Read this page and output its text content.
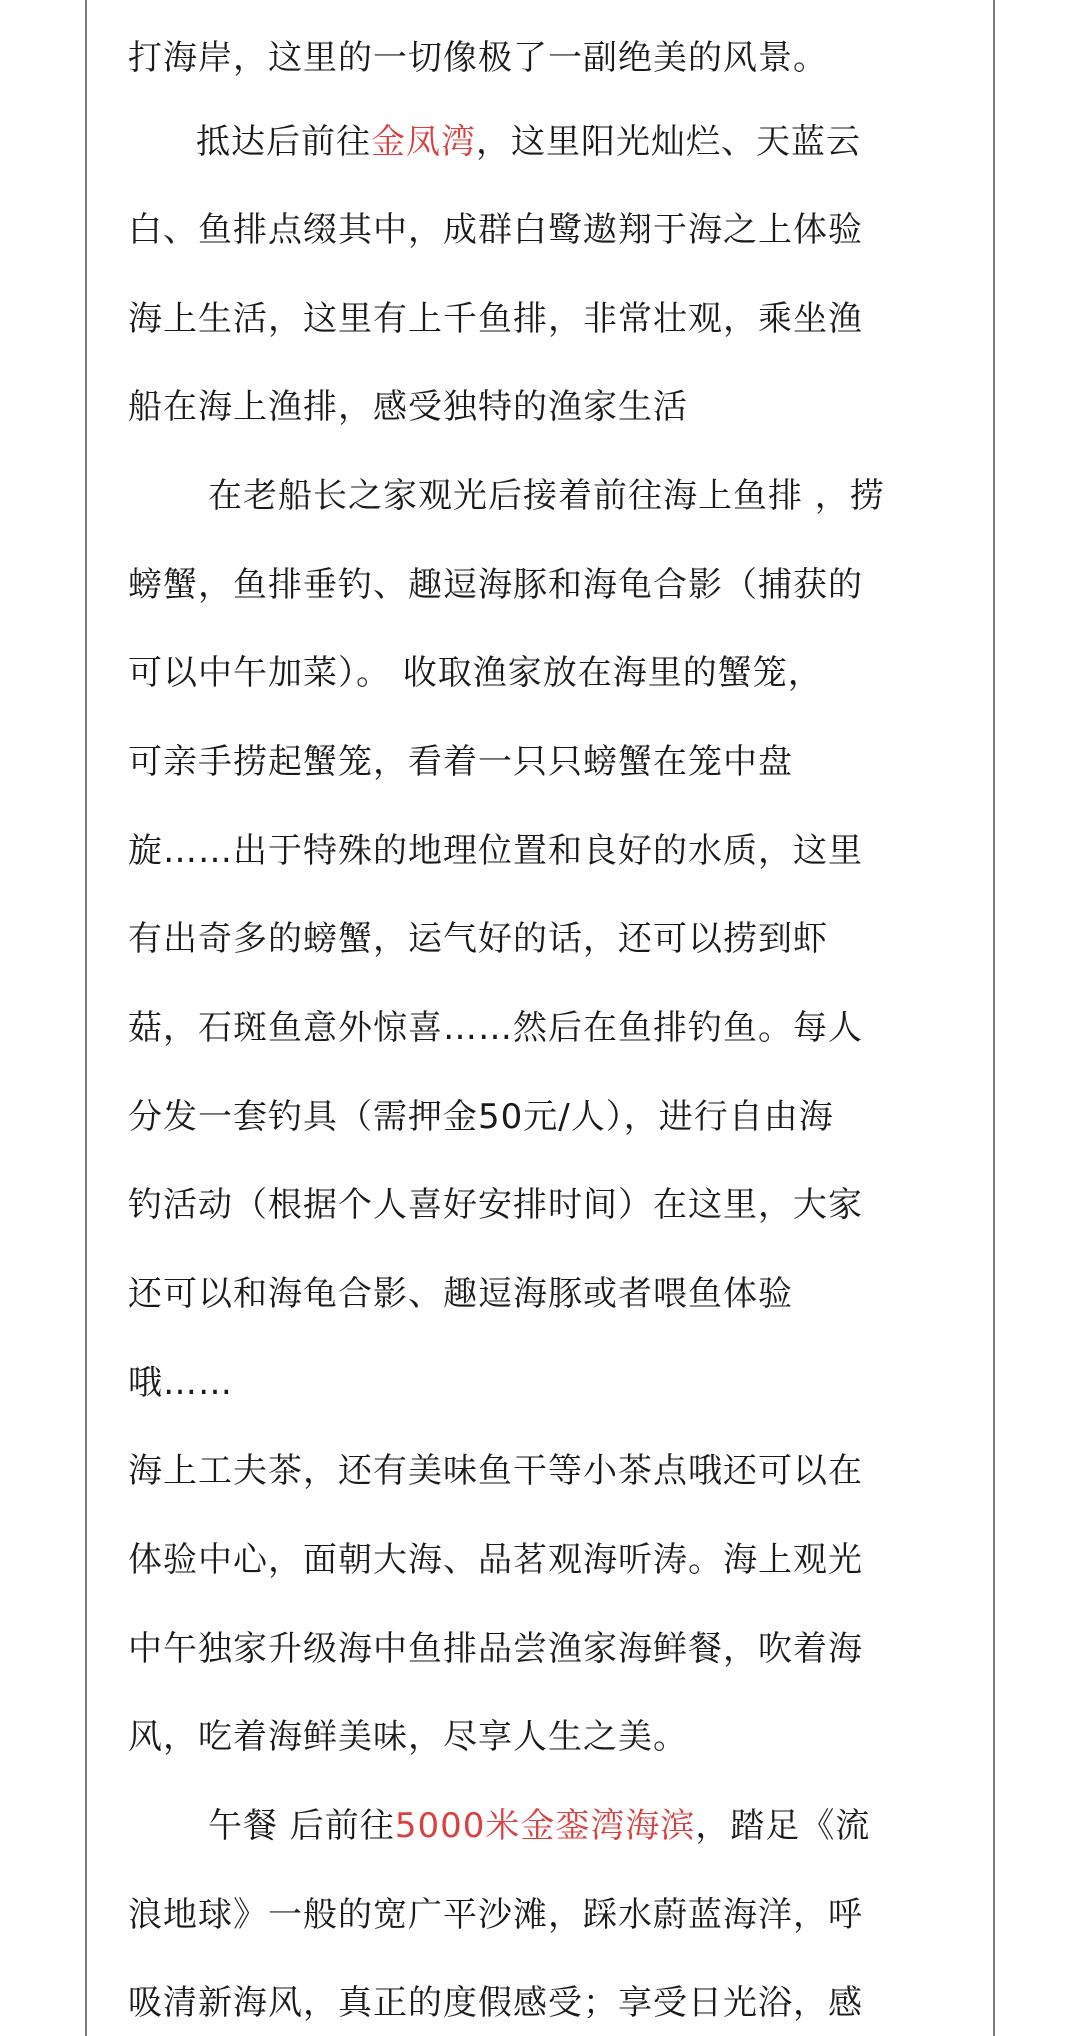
打海岸，这里的一切像极了一副绝美的风景。
抵达后前往金凤湾，这里阳光灿烂、天蓝云
白、鱼排点缀其中，成群白鹭遨翔于海之上体验
海上生活，这里有上千鱼排，非常壮观，乘坐渔
船在海上渔排，感受独特的渔家生活
在老船长之家观光后接着前往海上鱼排 ，捞
螃蟹，鱼排垂钓、趣逗海豚和海龟合影（捕获的
可以中午加菜）。 收取渔家放在海里的蟹笼，
可亲手捞起蟹笼，看着一只只螃蟹在笼中盘
旋……出于特殊的地理位置和良好的水质，这里
有出奇多的螃蟹，运气好的话，还可以捞到虾
菇，石斑鱼意外惊喜……然后在鱼排钓鱼。每人
分发一套钓具（需押金50元/人），进行自由海
钓活动（根据个人喜好安排时间）在这里，大家
还可以和海龟合影、趣逗海豚或者喂鱼体验
哦……
海上工夫茶，还有美味鱼干等小茶点哦还可以在
体验中心，面朝大海、品茗观海听涛。海上观光
中午独家升级海中鱼排品尝渔家海鲜餐，吹着海
风，吃着海鲜美味，尽享人生之美。
午餐 后前往5000米金銮湾海滨，踏足《流
浪地球》一般的宽广平沙滩，踩水蔚蓝海洋，呼
吸清新海风，真正的度假感受；享受日光浴，感
